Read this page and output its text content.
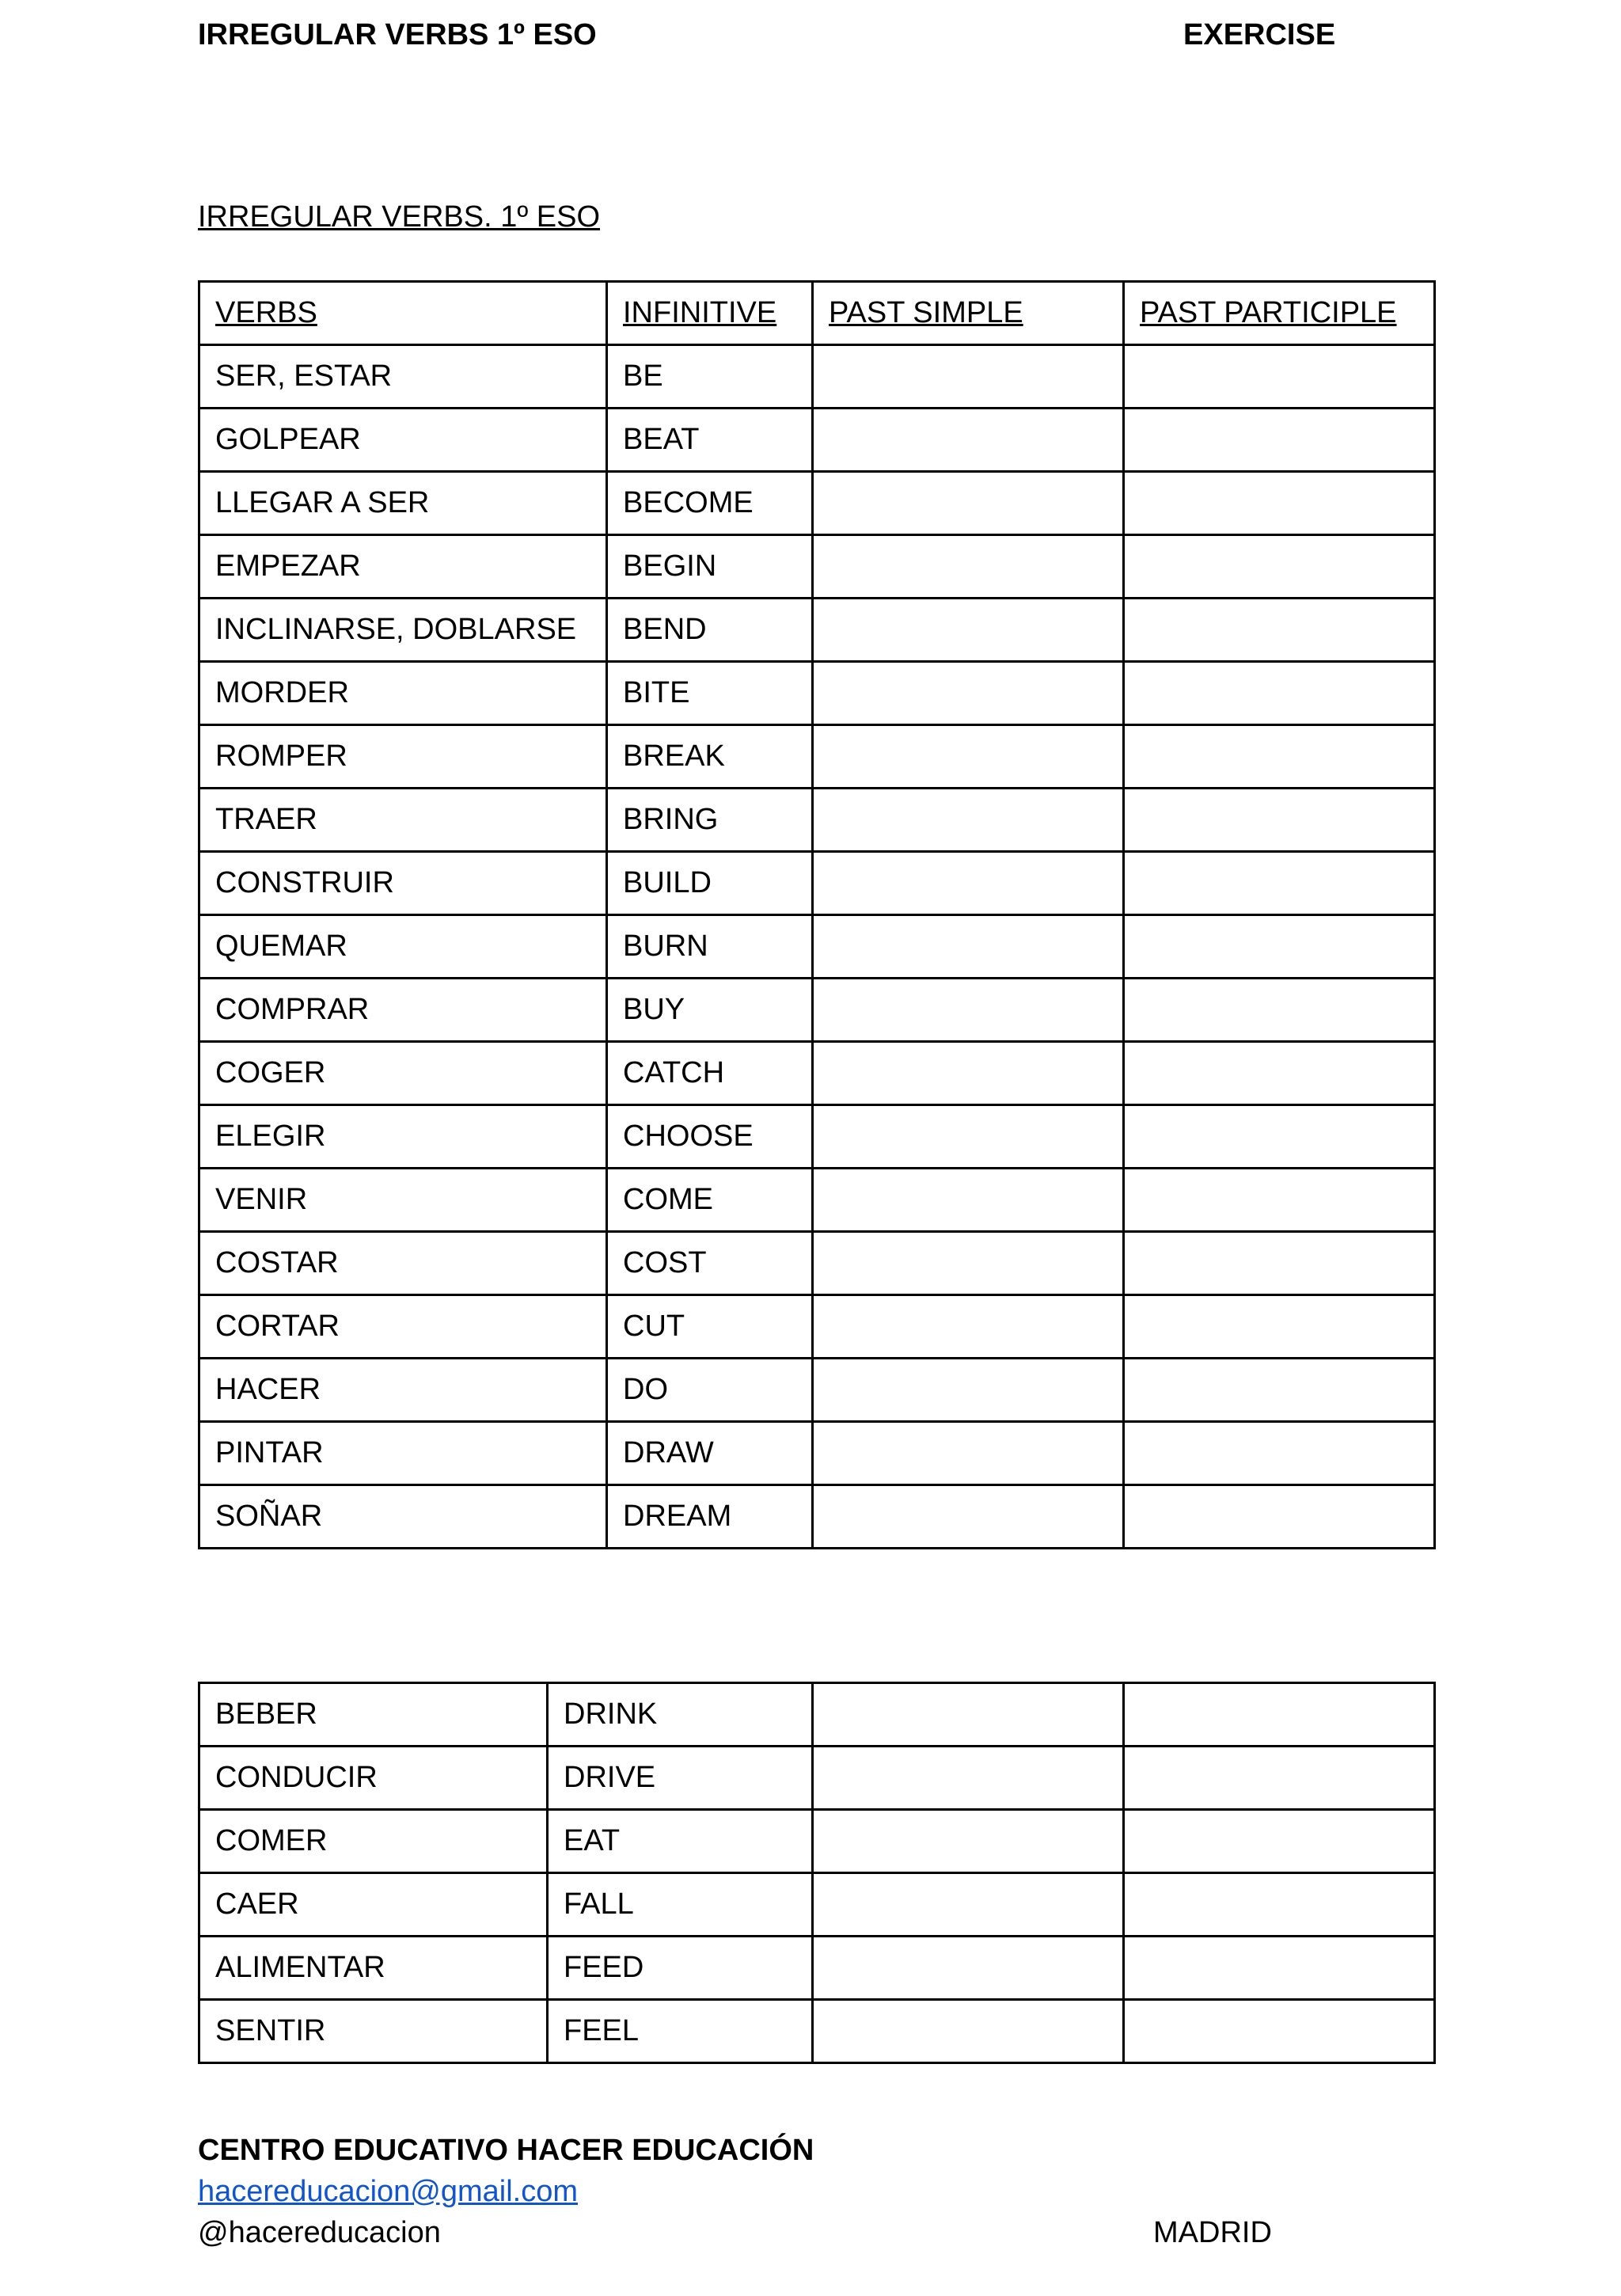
IRREGULAR VERBS 1º ESO	EXERCISE
IRREGULAR VERBS. 1º ESO
VERBS	INFINITIVE	PAST SIMPLE	PAST PARTICIPLE
SER, ESTAR	BE		
GOLPEAR	BEAT		
LLEGAR A SER	BECOME		
EMPEZAR	BEGIN		
INCLINARSE, DOBLARSE	BEND		
MORDER	BITE		
ROMPER	BREAK		
TRAER	BRING		
CONSTRUIR	BUILD		
QUEMAR	BURN		
COMPRAR	BUY		
COGER	CATCH		
ELEGIR	CHOOSE		
VENIR	COME		
COSTAR	COST		
CORTAR	CUT		
HACER	DO		
PINTAR	DRAW		
SOÑAR	DREAM		
BEBER	DRINK		
CONDUCIR	DRIVE		
COMER	EAT		
CAER	FALL		
ALIMENTAR	FEED		
SENTIR	FEEL		
CENTRO EDUCATIVO HACER EDUCACIÓN
hacereducacion@gmail.com
@hacereducacion	MADRID
